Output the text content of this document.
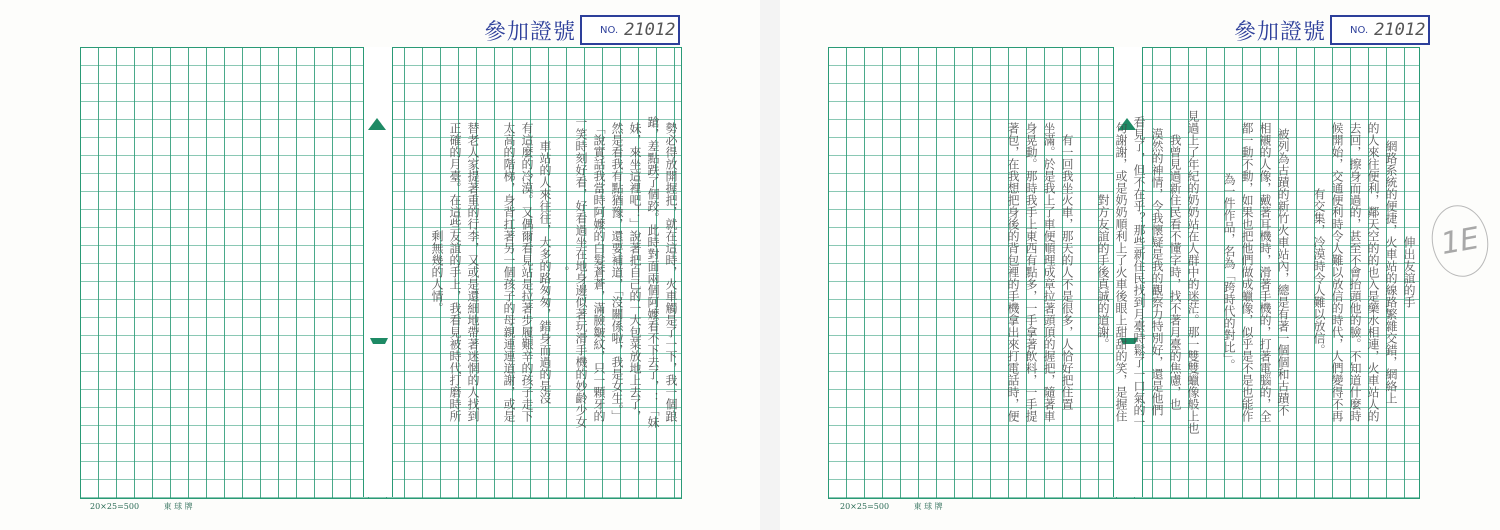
勢必得放開握把，就在這時，火車觸是了一下，我一個踉
蹌，差點跌了個跤。此時對面兩個阿嬤看不下去了，：「妹
妹，來坐這裡吧！」說著把自己的一大包菜放地上去了，
然是看我有點猶豫，還要補道，「沒關係啦，我是女生。」
「說實話我當時阿嬤的白髮蒼蒼，滿臉皺紋，只一顆牙的
一笑時刻好看，好看過坐在地身邊似著玩滑手機的妙齡少女
。
車站的人來往往，大多的路匆匆，錯身而過的是沒
有這麼的冷漠。又偶爾看見站是拉著步履艱辛的孩子走下
太高的階梯，身背扛著另一個孩子的母親連連道謝，或是
替老人家提著重的行李，又或是還細地帶著迷惘的人找到
正確的月臺。在這些友誼的手上，我看見被時代打磨時所
剩無幾的人情。
參加證號 NO. 21012
20×25=500	東 球 牌
伸出友誼的手
網路系統的便捷，火車站的線路繁雜交錯，網絡上
的人來往便利，鄰天空的的也入是藥水相連，火車站人的
去回，擦身而過的，甚至不會抬頭他的臉。不知道什麼時
候開始，交通便利時令人難以放信的時代，人們變得不再
有交集，冷漠時令人難以放信。
被列為古蹟的新竹火車站內，總是有著一個個和古蹟不
相襯的人像，戴著耳機時，滑著手機的，打著電腦的，全
都一動不動，如果也把他們做成蠟像，似乎是不是也能作
為一件作品，名為「跨時代的對比」。
見過上了年紀的奶奶站在人群中的迷茫。那一雙雙蠟像般上也
我曾見過新住民看不懂字時，找不著月臺的焦慮，也
漠然的神情，令我懷疑是我的觀察力特別好，還是他們
看見了，但不在乎？那些新住民找到月臺時鬆了一口氣的一
句謝謝，或是奶奶順利上了火車後眼上甜甜的笑，是握住
對方友誼的手後真誠的道謝。
有一回我坐火車，那天的人不是很多，人恰好把住置
坐滿。於是我上了車便順理成章拉著頭頂的握把，隨著車
身晃動。那時我手上東西有點多，一手拿著飲料，一手提
著包，在我想把身後的背包裡的手機拿出來打電話時，便
參加證號 NO. 21012
20×25=500	東 球 牌
1E
